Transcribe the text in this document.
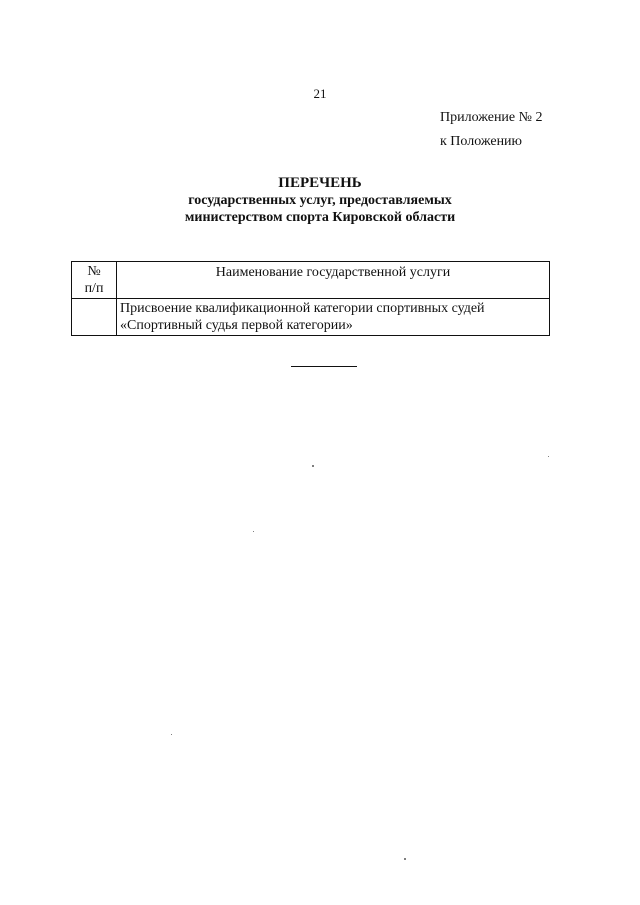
21
Приложение № 2
к Положению
ПЕРЕЧЕНЬ
государственных услуг, предоставляемых
министерством спорта Кировской области
№
п/п	Наименование государственной услуги

	Присвоение квалификационной категории спортивных судей
«Спортивный судья первой категории»
